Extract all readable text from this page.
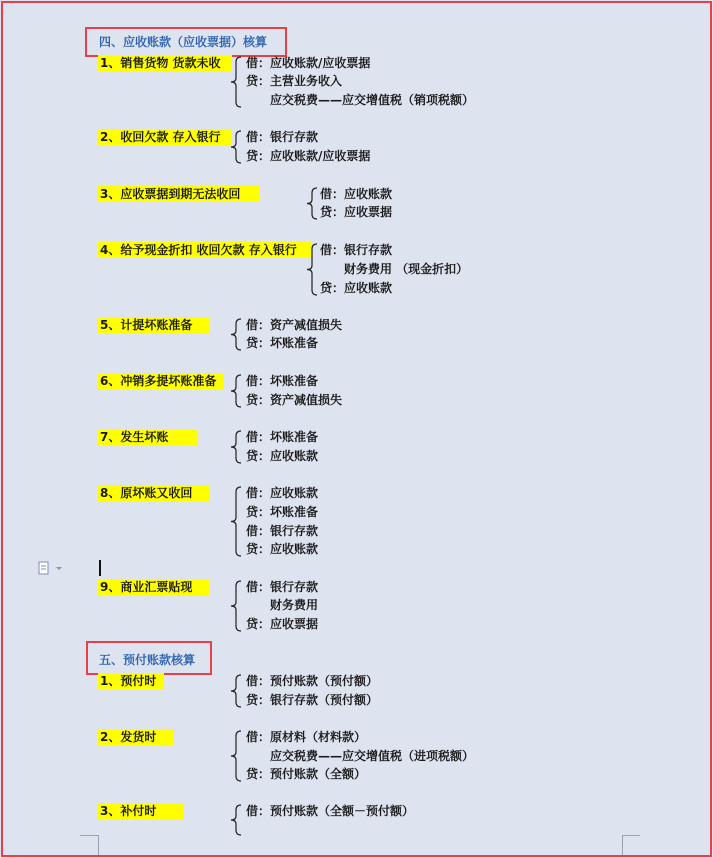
四、应收账款（应收票据）核算
五、预付账款核算
1、销售货物 货款未收	借：应收账款/应收票据
贷：主营业务收入
应交税费——应交增值税（销项税额）
2、收回欠款 存入银行	借：银行存款
贷：应收账款/应收票据
3、应收票据到期无法收回	借：应收账款
贷：应收票据
4、给予现金折扣 收回欠款 存入银行	借：银行存款
财务费用 （现金折扣）
贷：应收账款
5、计提坏账准备	借：资产减值损失
贷：坏账准备
6、冲销多提坏账准备	借：坏账准备
贷：资产减值损失
7、发生坏账	借：坏账准备
贷：应收账款
8、原坏账又收回	借：应收账款
贷：坏账准备
借：银行存款
贷：应收账款
9、商业汇票贴现	借：银行存款
财务费用
贷：应收票据
1、预付时	借：预付账款（预付额）
贷：银行存款（预付额）
2、发货时	借：原材料（材料款）
应交税费——应交增值税（进项税额）
贷：预付账款（全额）
3、补付时	借：预付账款（全额－预付额）
